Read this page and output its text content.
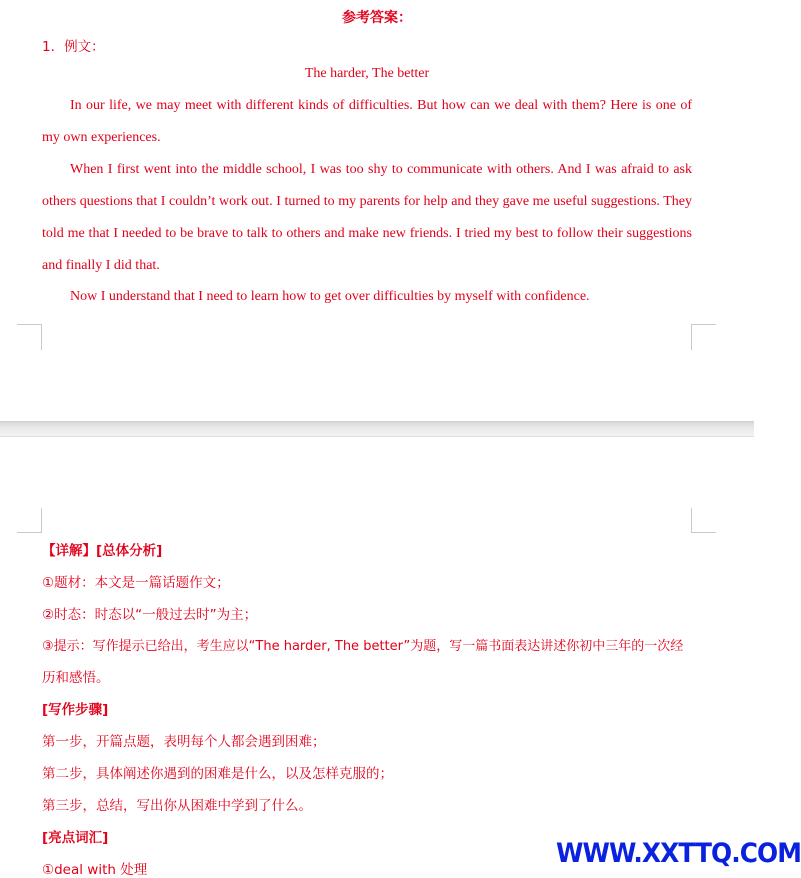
参考答案：
1．例文：
The harder, The better
In our life, we may meet with different kinds of difficulties. But how can we deal with them? Here is one of my own experiences.
When I first went into the middle school, I was too shy to communicate with others. And I was afraid to ask others questions that I couldn’t work out. I turned to my parents for help and they gave me useful suggestions. They told me that I needed to be brave to talk to others and make new friends. I tried my best to follow their suggestions and finally I did that.
Now I understand that I need to learn how to get over difficulties by myself with confidence.
【详解】[总体分析]
①题材：本文是一篇话题作文；
②时态：时态以“一般过去时”为主；
③提示：写作提示已给出，考生应以“The harder, The better”为题，写一篇书面表达讲述你初中三年的一次经
历和感悟。
[写作步骤]
第一步，开篇点题，表明每个人都会遇到困难；
第二步，具体阐述你遇到的困难是什么，以及怎样克服的；
第三步，总结，写出你从困难中学到了什么。
[亮点词汇]
①deal with 处理
WWW.XXTTQ.COM
